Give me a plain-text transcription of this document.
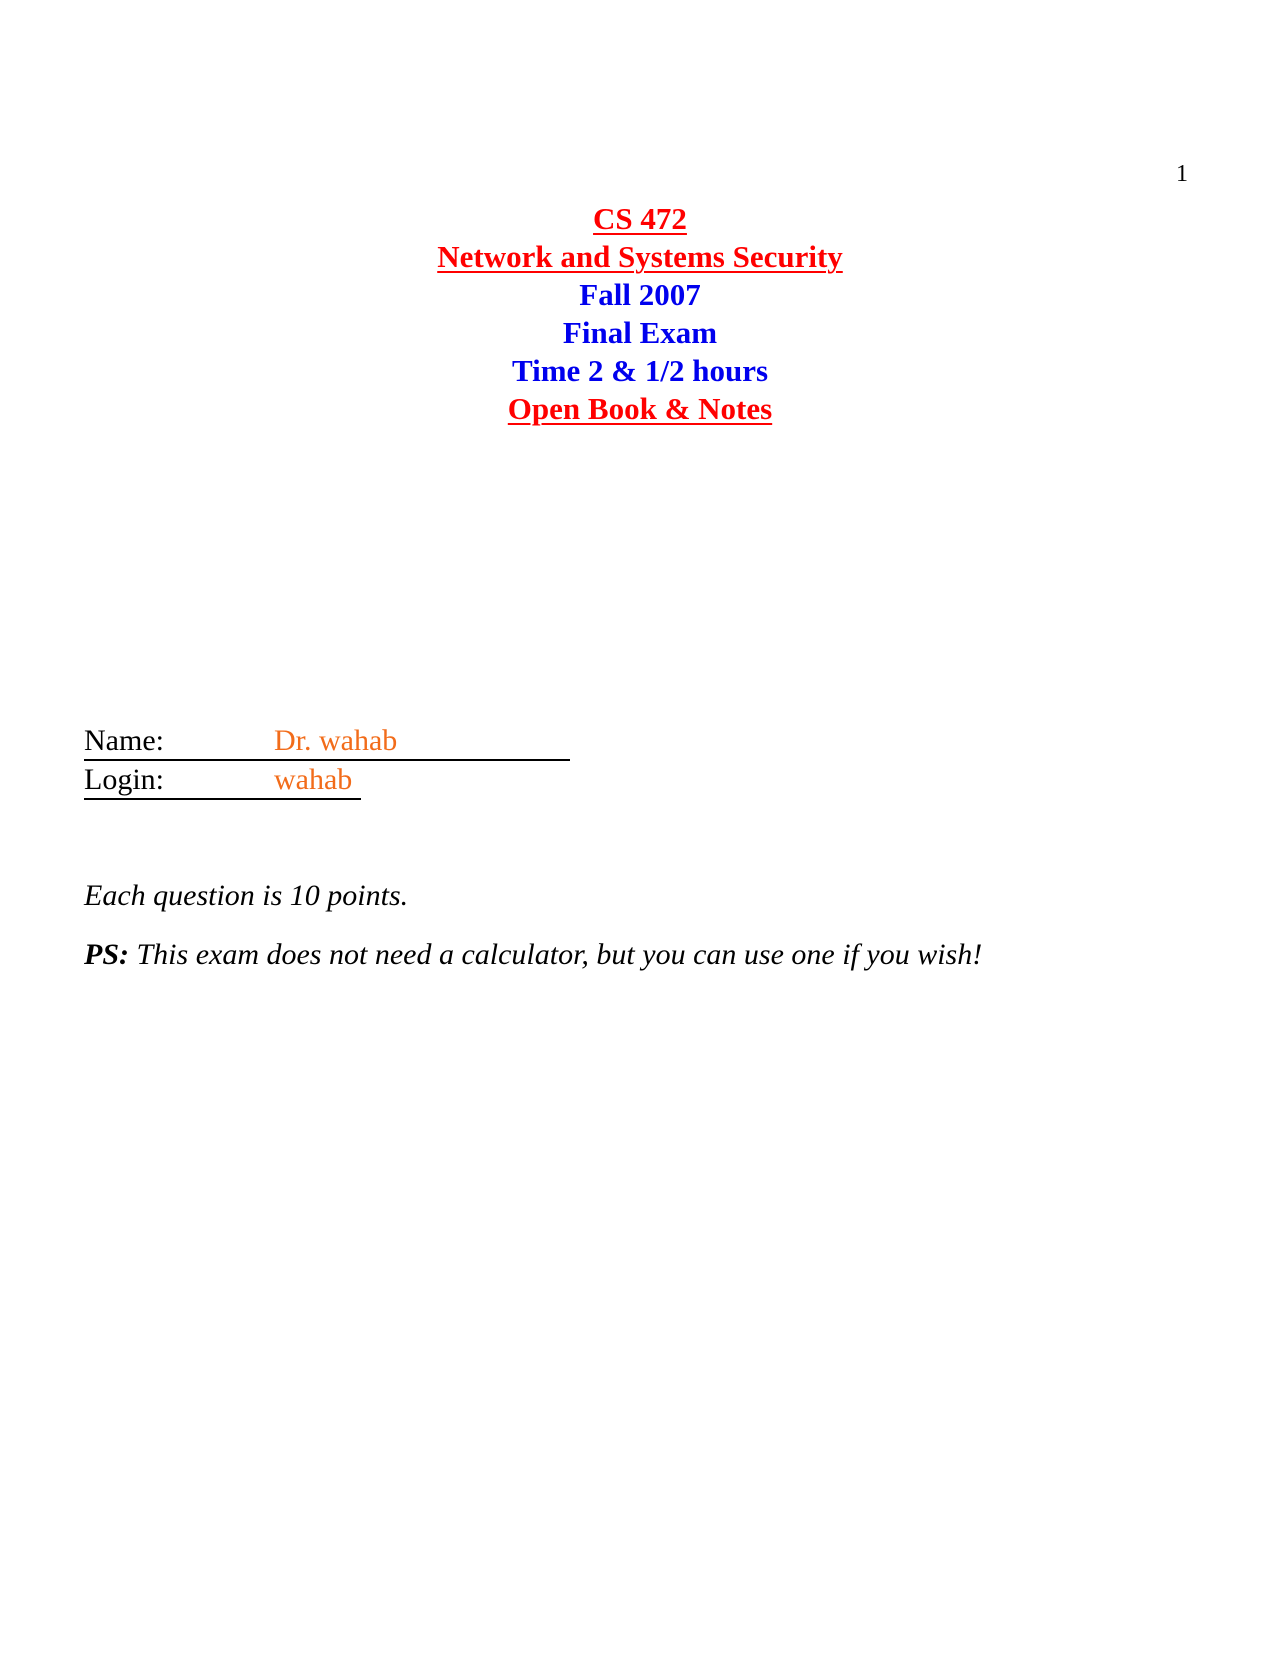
1
CS 472
Network and Systems Security
Fall 2007
Final Exam
Time 2 & 1/2 hours
Open Book & Notes
Name:	Dr. wahab
Login:	wahab
Each question is 10 points.
PS: This exam does not need a calculator, but you can use one if you wish!
